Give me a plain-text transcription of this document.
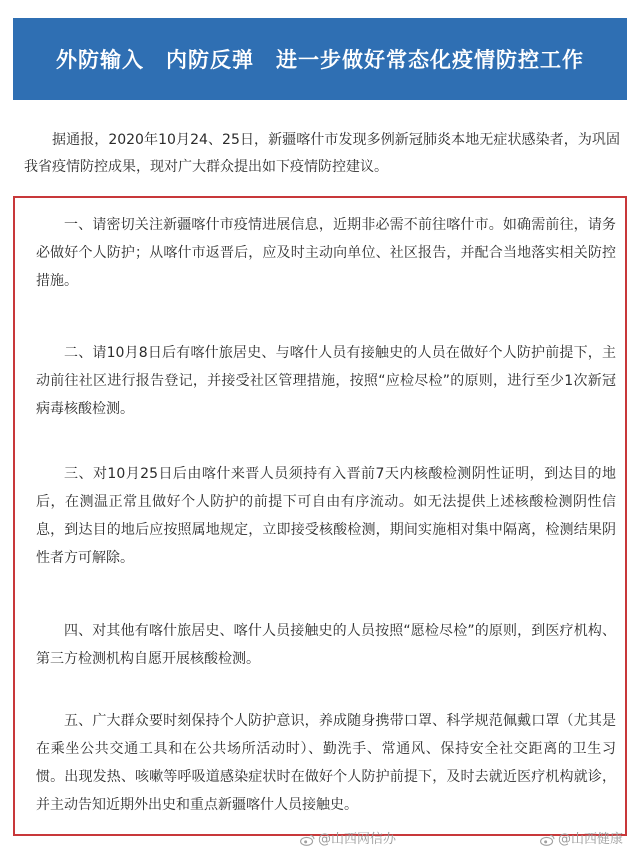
外防输入　内防反弹　进一步做好常态化疫情防控工作

据通报，2020年10月24、25日，新疆喀什市发现多例新冠肺炎本地无症状感染者，为巩固我省疫情防控成果，现对广大群众提出如下疫情防控建议。

一、请密切关注新疆喀什市疫情进展信息，近期非必需不前往喀什市。如确需前往，请务必做好个人防护；从喀什市返晋后，应及时主动向单位、社区报告，并配合当地落实相关防控措施。

二、请10月8日后有喀什旅居史、与喀什人员有接触史的人员在做好个人防护前提下，主动前往社区进行报告登记，并接受社区管理措施，按照“应检尽检”的原则，进行至少1次新冠病毒核酸检测。

三、对10月25日后由喀什来晋人员须持有入晋前7天内核酸检测阴性证明，到达目的地后，在测温正常且做好个人防护的前提下可自由有序流动。如无法提供上述核酸检测阴性信息，到达目的地后应按照属地规定，立即接受核酸检测，期间实施相对集中隔离，检测结果阴性者方可解除。

四、对其他有喀什旅居史、喀什人员接触史的人员按照“愿检尽检”的原则，到医疗机构、第三方检测机构自愿开展核酸检测。

五、广大群众要时刻保持个人防护意识，养成随身携带口罩、科学规范佩戴口罩（尤其是在乘坐公共交通工具和在公共场所活动时）、勤洗手、常通风、保持安全社交距离的卫生习惯。出现发热、咳嗽等呼吸道感染症状时在做好个人防护前提下，及时去就近医疗机构就诊，并主动告知近期外出史和重点新疆喀什人员接触史。

@山西网信办	@山西健康
